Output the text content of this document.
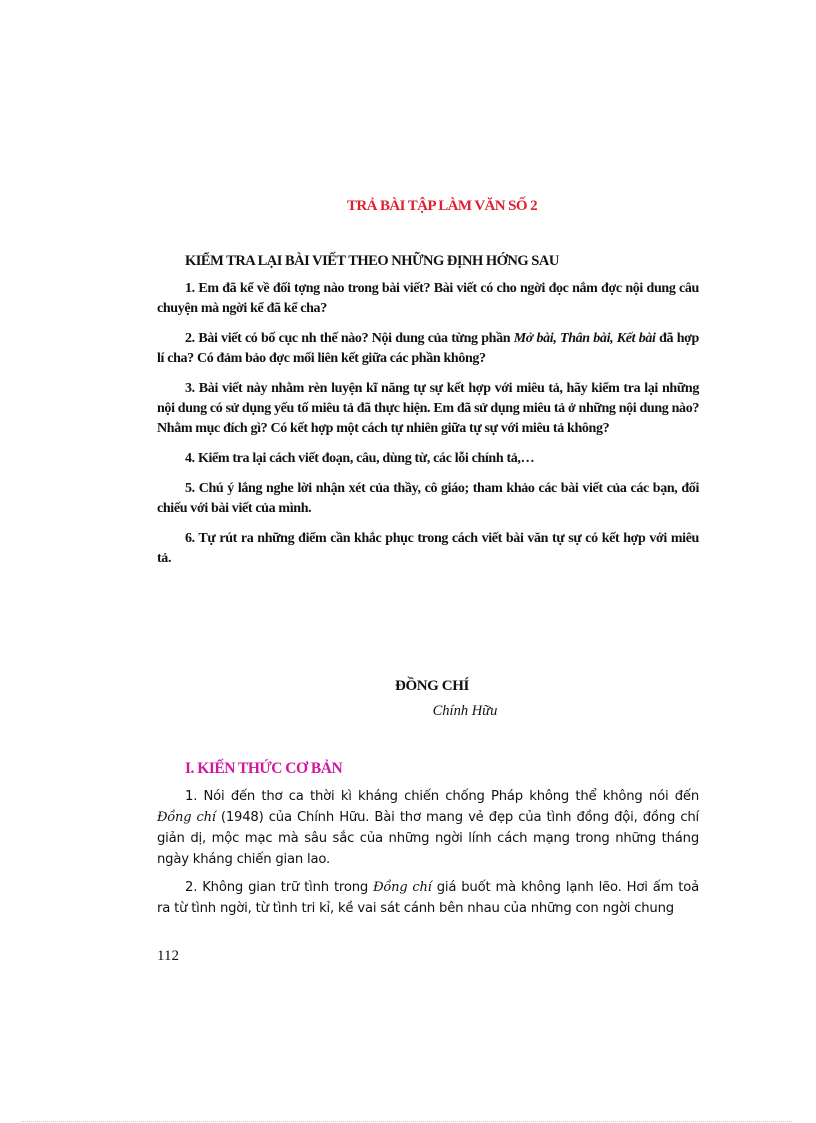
TRẢ BÀI TẬP LÀM VĂN SỐ 2
KIỂM TRA LẠI BÀI VIẾT THEO NHỮNG ĐỊNH HỚNG SAU

1. Em đã kể về đối tợng nào trong bài viết? Bài viết có cho ngời đọc nắm đợc nội dung câu chuyện mà ngời kể đã kể cha?

2. Bài viết có bố cục nh thế nào? Nội dung của từng phần Mở bài, Thân bài, Kết bài đã hợp lí cha? Có đảm bảo đợc mối liên kết giữa các phần không?

3. Bài viết này nhằm rèn luyện kĩ năng tự sự kết hợp với miêu tả, hãy kiểm tra lại những nội dung có sử dụng yếu tố miêu tả đã thực hiện. Em đã sử dụng miêu tả ở những nội dung nào? Nhằm mục đích gì? Có kết hợp một cách tự nhiên giữa tự sự với miêu tả không?

4. Kiểm tra lại cách viết đoạn, câu, dùng từ, các lỗi chính tả,…

5. Chú ý lắng nghe lời nhận xét của thầy, cô giáo; tham khảo các bài viết của các bạn, đối chiếu với bài viết của mình.

6. Tự rút ra những điểm cần khắc phục trong cách viết bài văn tự sự có kết hợp với miêu tả.

ĐỒNG CHÍ
Chính Hữu
I. KIẾN THỨC CƠ BẢN

1. Nói đến thơ ca thời kì kháng chiến chống Pháp không thể không nói đến Đồng chí (1948) của Chính Hữu. Bài thơ mang vẻ đẹp của tình đồng đội, đồng chí giản dị, mộc mạc mà sâu sắc của những ngời lính cách mạng trong những tháng ngày kháng chiến gian lao.

2. Không gian trữ tình trong Đồng chí giá buốt mà không lạnh lẽo. Hơi ấm toả ra từ tình ngời, từ tình tri kỉ, kề vai sát cánh bên nhau của những con ngời chung

112
